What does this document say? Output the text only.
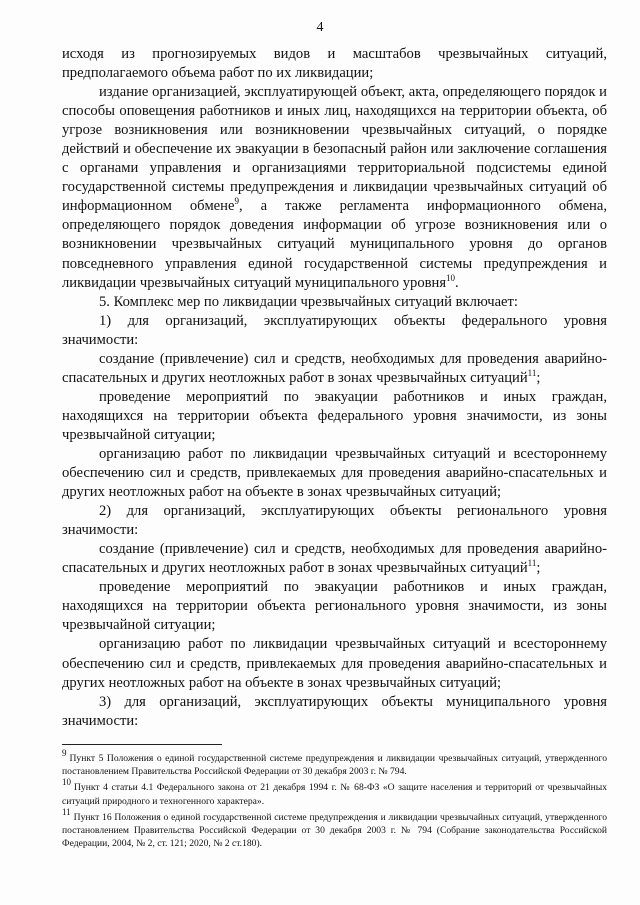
4

исходя из прогнозируемых видов и масштабов чрезвычайных ситуаций, предполагаемого объема работ по их ликвидации;

издание организацией, эксплуатирующей объект, акта, определяющего порядок и способы оповещения работников и иных лиц, находящихся на территории объекта, об угрозе возникновения или возникновении чрезвычайных ситуаций, о порядке действий и обеспечение их эвакуации в безопасный район или заключение соглашения с органами управления и организациями территориальной подсистемы единой государственной системы предупреждения и ликвидации чрезвычайных ситуаций об информационном обмене$^9$, а также регламента информационного обмена, определяющего порядок доведения информации об угрозе возникновения или о возникновении чрезвычайных ситуаций муниципального уровня до органов повседневного управления единой государственной системы предупреждения и ликвидации чрезвычайных ситуаций муниципального уровня$^{10}$.

5. Комплекс мер по ликвидации чрезвычайных ситуаций включает:

1) для организаций, эксплуатирующих объекты федерального уровня значимости:

создание (привлечение) сил и средств, необходимых для проведения аварийно-спасательных и других неотложных работ в зонах чрезвычайных ситуаций$^{11}$;

проведение мероприятий по эвакуации работников и иных граждан, находящихся на территории объекта федерального уровня значимости, из зоны чрезвычайной ситуации;

организацию работ по ликвидации чрезвычайных ситуаций и всестороннему обеспечению сил и средств, привлекаемых для проведения аварийно-спасательных и других неотложных работ на объекте в зонах чрезвычайных ситуаций;

2) для организаций, эксплуатирующих объекты регионального уровня значимости:

создание (привлечение) сил и средств, необходимых для проведения аварийно-спасательных и других неотложных работ в зонах чрезвычайных ситуаций$^{11}$;

проведение мероприятий по эвакуации работников и иных граждан, находящихся на территории объекта регионального уровня значимости, из зоны чрезвычайной ситуации;

организацию работ по ликвидации чрезвычайных ситуаций и всестороннему обеспечению сил и средств, привлекаемых для проведения аварийно-спасательных и других неотложных работ на объекте в зонах чрезвычайных ситуаций;

3) для организаций, эксплуатирующих объекты муниципального уровня значимости:

$^9$ Пункт 5 Положения о единой государственной системе предупреждения и ликвидации чрезвычайных ситуаций, утвержденного постановлением Правительства Российской Федерации от 30 декабря 2003 г. № 794.

$^{10}$ Пункт 4 статьи 4.1 Федерального закона от 21 декабря 1994 г. № 68-ФЗ «О защите населения и территорий от чрезвычайных ситуаций природного и техногенного характера».

$^{11}$ Пункт 16 Положения о единой государственной системе предупреждения и ликвидации чрезвычайных ситуаций, утвержденного постановлением Правительства Российской Федерации от 30 декабря 2003 г. № 794 (Собрание законодательства Российской Федерации, 2004, № 2, ст. 121; 2020, № 2 ст.180).
